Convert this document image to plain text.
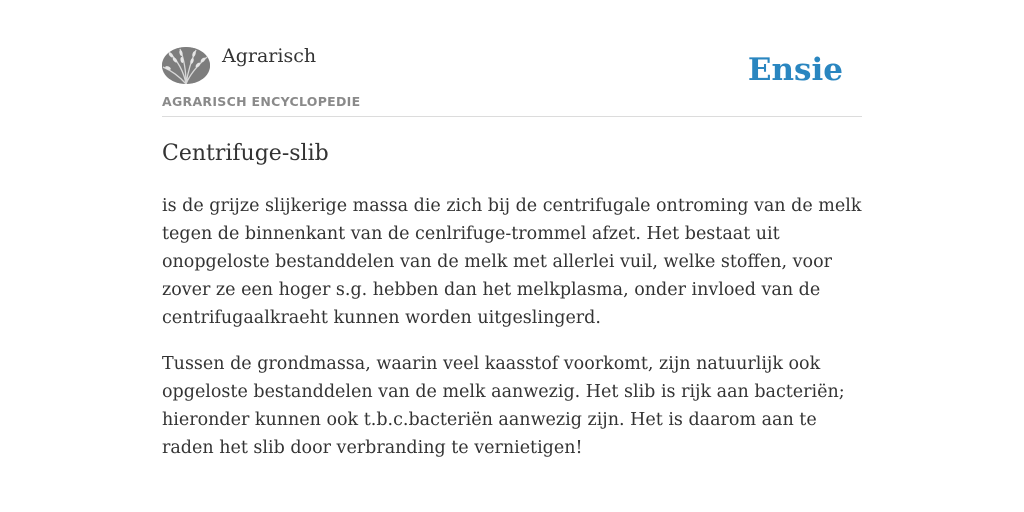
Agrarisch
AGRARISCH ENCYCLOPEDIE
Ensie
Centrifuge-slib

is de grijze slijkerige massa die zich bij de centrifugale ontroming van de melk tegen de binnenkant van de cenlrifuge-trommel afzet. Het bestaat uit onopgeloste bestanddelen van de melk met allerlei vuil, welke stoffen, voor zover ze een hoger s.g. hebben dan het melkplasma, onder invloed van de centrifugaalkraeht kunnen worden uitgeslingerd.

Tussen de grondmassa, waarin veel kaasstof voorkomt, zijn natuurlijk ook opgeloste bestanddelen van de melk aanwezig. Het slib is rijk aan bacteriën; hieronder kunnen ook t.b.c.bacteriën aanwezig zijn. Het is daarom aan te raden het slib door verbranding te vernietigen!
